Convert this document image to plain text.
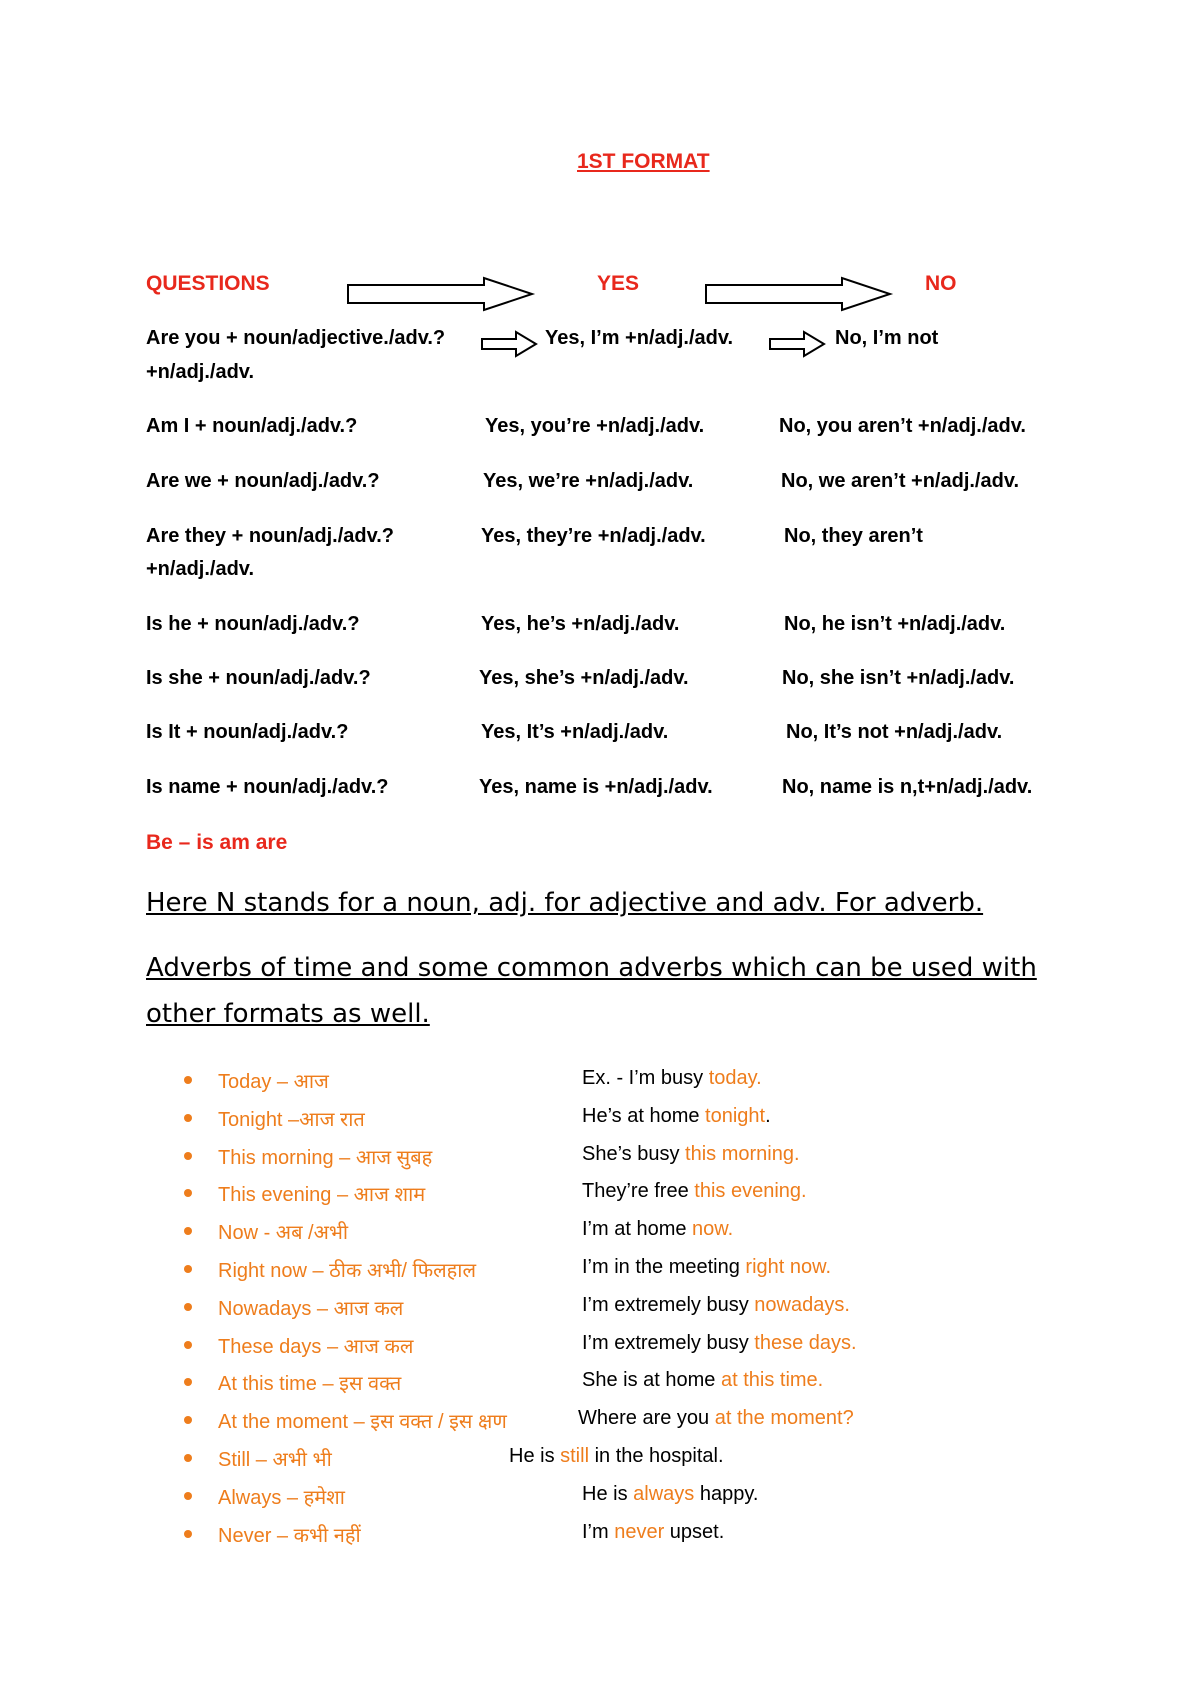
1ST FORMAT
QUESTIONS	YES	NO
Are you + noun/adjective./adv.?	Yes, I’m +n/adj./adv.	No, I’m not
+n/adj./adv.
Am I + noun/adj./adv.?	Yes, you’re +n/adj./adv.	No, you aren’t +n/adj./adv.
Are we + noun/adj./adv.?	Yes, we’re +n/adj./adv.	No, we aren’t +n/adj./adv.
Are they + noun/adj./adv.?	Yes, they’re +n/adj./adv.	No, they aren’t
+n/adj./adv.
Is he + noun/adj./adv.?	Yes, he’s +n/adj./adv.	No, he isn’t +n/adj./adv.
Is she + noun/adj./adv.?	Yes, she’s +n/adj./adv.	No, she isn’t +n/adj./adv.
Is It + noun/adj./adv.?	Yes, It’s +n/adj./adv.	No, It’s not +n/adj./adv.
Is name + noun/adj./adv.?	Yes, name is +n/adj./adv.	No, name is n,t+n/adj./adv.
Be – is am are
Here N stands for a noun, adj. for adjective and adv. For adverb.
Adverbs of time and some common adverbs which can be used with
other formats as well.
Today – आज	Ex. - I’m busy today.
Tonight –आज रात	He’s at home tonight.
This morning – आज सुबह	She’s busy this morning.
This evening – आज शाम	They’re free this evening.
Now - अब /अभी	I’m at home now.
Right now – ठीक अभी/ फिलहाल	I’m in the meeting right now.
Nowadays – आज कल	I’m extremely busy nowadays.
These days – आज कल	I’m extremely busy these days.
At this time – इस वक्त	She is at home at this time.
At the moment – इस वक्त / इस क्षण	Where are you at the moment?
Still – अभी भी	He is still in the hospital.
Always – हमेशा	He is always happy.
Never – कभी नहीं	I’m never upset.
